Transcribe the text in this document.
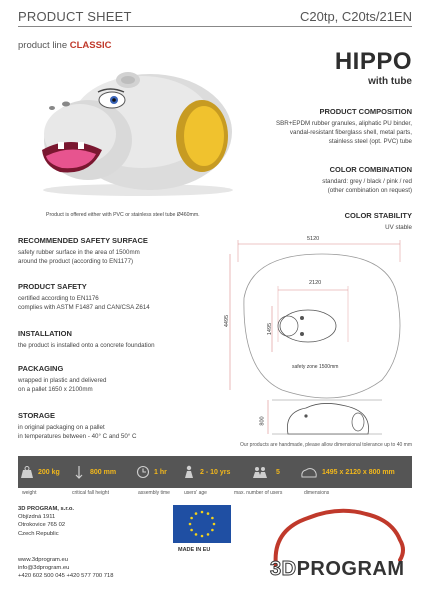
PRODUCT SHEET	C20tp, C20ts/21EN
product line CLASSIC
Product is offered either with PVC or stainless steel tube Ø460mm.
HIPPO
with tube
PRODUCT COMPOSITION
SBR+EPDM rubber granules, aliphatic PU binder,
vandal-resistant fiberglass shell, metal parts,
stainless steel (opt. PVC) tube
COLOR COMBINATION
standard: grey / black / pink / red
(other combination on request)
COLOR STABILITY
UV stable
RECOMMENDED SAFETY SURFACE
safety rubber surface in the area of 1500mm
around the product (according to EN1177)
PRODUCT SAFETY
certified according to EN1176
complies with ASTM F1487 and CAN/CSA Z614
INSTALLATION
the product is installed onto a concrete foundation
PACKAGING
wrapped in plastic and delivered
on a pallet 1650 x 2100mm
STORAGE
in original packaging on a pallet
in temperatures between - 40° C and 50° C
5120
2120
4495
1495
800
safety zone 1500mm
Our products are handmade, please allow dimensional tolerance up to 40 mm
200 kg	800 mm	1 hr	2 - 10 yrs	5	1495 x 2120 x 800 mm
weight	critical fall height	assembly time	users' age	max. number of users	dimensions
3D PROGRAM, s.r.o.
Objízdná 1911
Otrokovice 765 02
Czech Republic
www.3dprogram.eu
info@3dprogram.eu
+420 602 500 045 +420 577 700 718
MADE IN EU
3DPROGRAM
